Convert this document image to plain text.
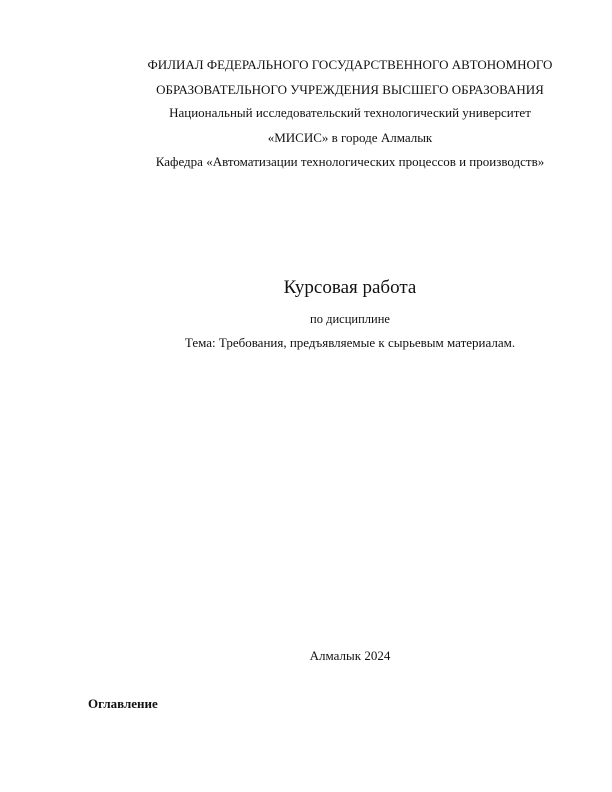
ФИЛИАЛ ФЕДЕРАЛЬНОГО ГОСУДАРСТВЕННОГО АВТОНОМНОГО
ОБРАЗОВАТЕЛЬНОГО УЧРЕЖДЕНИЯ ВЫСШЕГО ОБРАЗОВАНИЯ
Национальный исследовательский технологический университет
«МИСИС» в городе Алмалык
Кафедра «Автоматизации технологических процессов и производств»
Курсовая работа
по дисциплине
Тема: Требования, предъявляемые к сырьевым материалам.
Алмалык 2024
Оглавление
